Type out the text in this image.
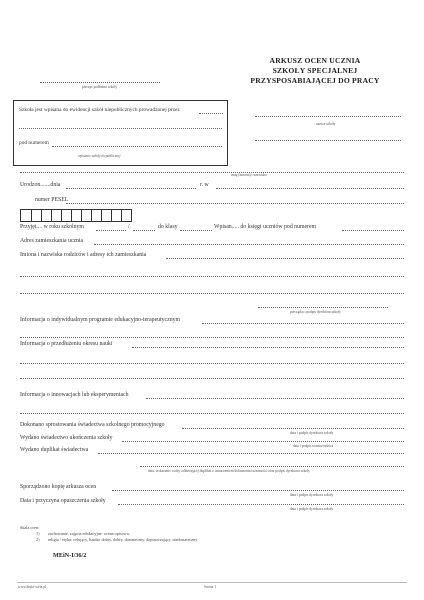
pieczęć podłużna szkoły
ARKUSZ OCEN UCZNIA
SZKOŁY SPECJALNEJ
PRZYSPOSABIAJĄCEJ DO PRACY
nazwa szkoły
Szkoła jest wpisana do ewidencji szkół niepublicznych prowadzonej przez
pod numerem
wpisanie szkoły niepublicznej
imię (imiona) i nazwisko
Urodzon.......dnia	r. w
numer PESEL
Przyjęt.... w roku szkolnym	/	do klasy	Wpisan..... do księgi uczniów pod numerem
Adres zamieszkania ucznia
Imiona i nazwiska rodziców i adresy ich zamieszkania
pieczątka i podpis dyrektora szkoły
Informacja o indywidualnym programie edukacyjno-terapeutycznym
Informacja o przedłużeniu okresu nauki
Informacja o innowacjach lub eksperymentach
Dokonano sprostowania świadectwa szkolnego promocyjnego
data i podpis dyrektora szkoły
Wydano świadectwo ukończenia szkoły
data i podpis ucznia/rodzica
Wydano duplikat świadectwa
data, wskazanie osoby odbierającej duplikat z oznaczeniem dokumentu tożsamości oraz podpis dyrektora szkoły
Sporządzono kopię arkusza ocen
data i podpis dyrektora szkoły
Data i przyczyna opuszczenia szkoły
data i podpis dyrektora szkoły
Skala ocen:
1) zachowanie, zajęcia edukacyjne: ocena opisowa;
2) religia / etyka: celujący, bardzo dobry, dobry, dostateczny, dopuszczający, niedostateczny.
MEiN-I/36/2
www.druki-sofia.pl	Strona 1
